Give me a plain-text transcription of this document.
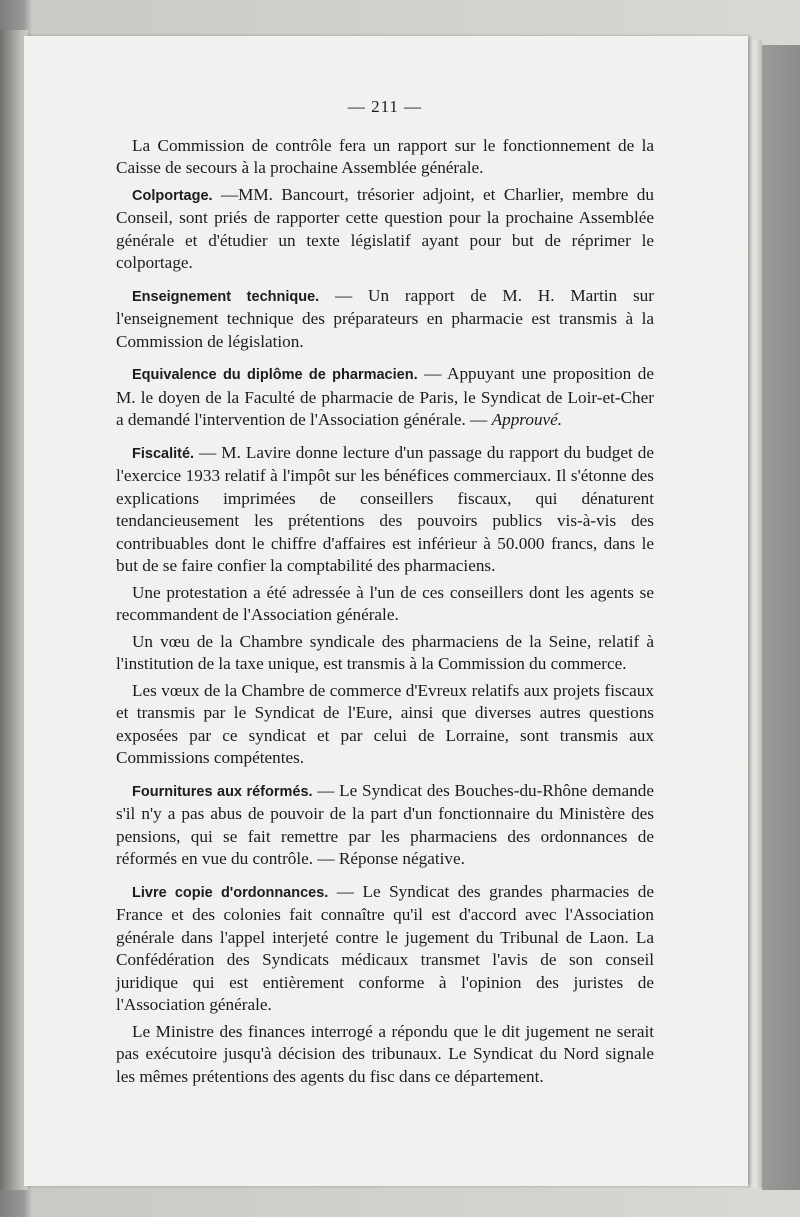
— 211 —

La Commission de contrôle fera un rapport sur le fonctionnement de la Caisse de secours à la prochaine Assemblée générale.

Colportage. —MM. Bancourt, trésorier adjoint, et Charlier, membre du Conseil, sont priés de rapporter cette question pour la prochaine Assemblée générale et d'étudier un texte législatif ayant pour but de réprimer le colportage.

Enseignement technique. — Un rapport de M. H. Martin sur l'enseignement technique des préparateurs en pharmacie est transmis à la Commission de législation.

Equivalence du diplôme de pharmacien. — Appuyant une proposition de M. le doyen de la Faculté de pharmacie de Paris, le Syndicat de Loir-et-Cher a demandé l'intervention de l'Association générale. — Approuvé.

Fiscalité. — M. Lavire donne lecture d'un passage du rapport du budget de l'exercice 1933 relatif à l'impôt sur les bénéfices commerciaux. Il s'étonne des explications imprimées de conseillers fiscaux, qui dénaturent tendancieusement les prétentions des pouvoirs publics vis-à-vis des contribuables dont le chiffre d'affaires est inférieur à 50.000 francs, dans le but de se faire confier la comptabilité des pharmaciens.

Une protestation a été adressée à l'un de ces conseillers dont les agents se recommandent de l'Association générale.

Un vœu de la Chambre syndicale des pharmaciens de la Seine, relatif à l'institution de la taxe unique, est transmis à la Commission du commerce.

Les vœux de la Chambre de commerce d'Evreux relatifs aux projets fiscaux et transmis par le Syndicat de l'Eure, ainsi que diverses autres questions exposées par ce syndicat et par celui de Lorraine, sont transmis aux Commissions compétentes.

Fournitures aux réformés. — Le Syndicat des Bouches-du-Rhône demande s'il n'y a pas abus de pouvoir de la part d'un fonctionnaire du Ministère des pensions, qui se fait remettre par les pharmaciens des ordonnances de réformés en vue du contrôle. — Réponse négative.

Livre copie d'ordonnances. — Le Syndicat des grandes pharmacies de France et des colonies fait connaître qu'il est d'accord avec l'Association générale dans l'appel interjeté contre le jugement du Tribunal de Laon. La Confédération des Syndicats médicaux transmet l'avis de son conseil juridique qui est entièrement conforme à l'opinion des juristes de l'Association générale.

Le Ministre des finances interrogé a répondu que le dit jugement ne serait pas exécutoire jusqu'à décision des tribunaux. Le Syndicat du Nord signale les mêmes prétentions des agents du fisc dans ce département.
